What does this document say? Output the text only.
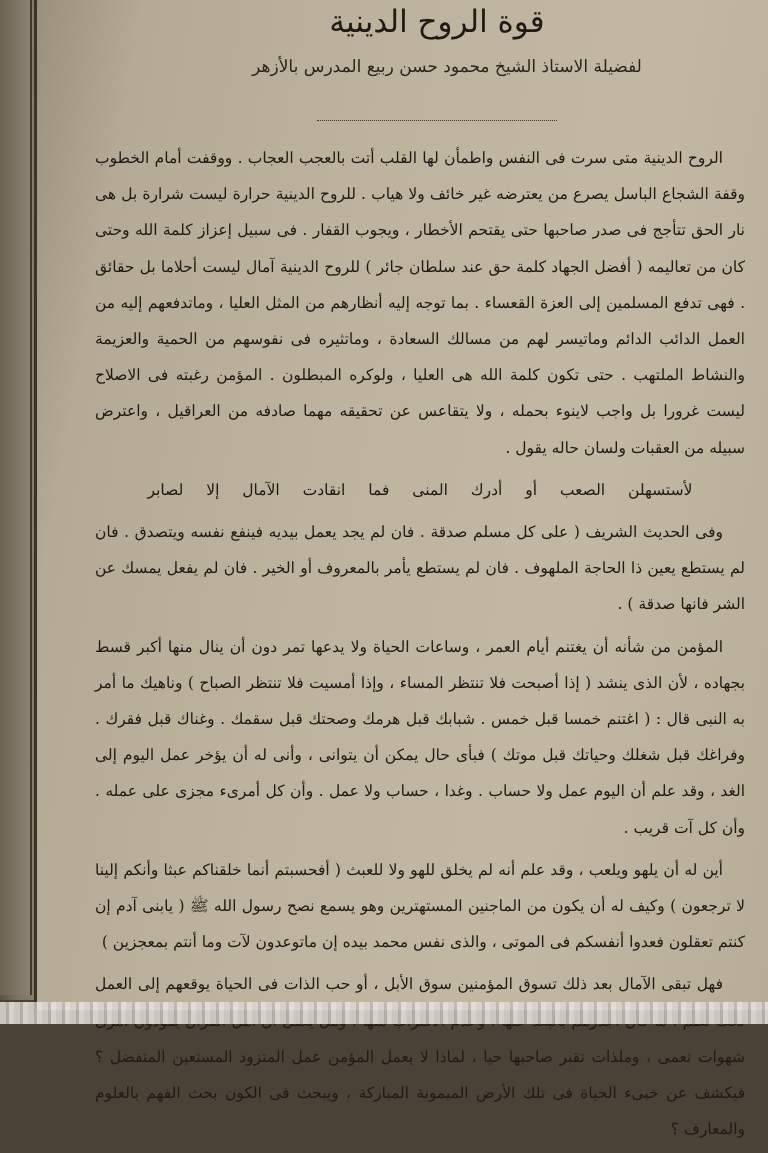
قوة الروح الدينية
لفضيلة الاستاذ الشيخ محمود حسن ربيع المدرس بالأزهر

الروح الدينية متى سرت فى النفس واطمأن لها القلب أتت بالعجب العجاب . ووقفت أمام الخطوب وقفة الشجاع الباسل يصرع من يعترضه غير خائف ولا هياب . للروح الدينية حرارة ليست شرارة بل هى نار الحق تتأجج فى صدر صاحبها حتى يقتحم الأخطار ، ويجوب القفار . فى سبيل إعزاز كلمة الله وحتى كان من تعاليمه ( أفضل الجهاد كلمة حق عند سلطان جائر ) للروح الدينية آمال ليست أحلاما بل حقائق . فهى تدفع المسلمين إلى العزة القعساء . بما توجه إليه أنظارهم من المثل العليا ، وماتدفعهم إليه من العمل الدائب الدائم وماتيسر لهم من مسالك السعادة ، وماتثيره فى نفوسهم من الحمية والعزيمة والنشاط الملتهب . حتى تكون كلمة الله هى العليا ، ولوكره المبطلون . المؤمن رغبته فى الاصلاح ليست غرورا بل واجب لاينوء بحمله ، ولا يتقاعس عن تحقيقه مهما صادفه من العراقيل ، واعترض سبيله من العقبات ولسان حاله يقول .

لأستسهلن الصعب أو أدرك المنى فما انقادت الآمال إلا لصابر

وفى الحديث الشريف ( على كل مسلم صدقة . فان لم يجد يعمل بيديه فينفع نفسه ويتصدق . فان لم يستطع يعين ذا الحاجة الملهوف . فان لم يستطع يأمر بالمعروف أو الخير . فان لم يفعل يمسك عن الشر فانها صدقة ) .

المؤمن من شأنه أن يغتنم أيام العمر ، وساعات الحياة ولا يدعها تمر دون أن ينال منها أكبر قسط بجهاده ، لأن الذى ينشد ( إذا أصبحت فلا تنتظر المساء ، وإذا أمسيت فلا تنتظر الصباح ) وناهيك ما أمر به النبى قال : ( اغتنم خمسا قبل خمس . شبابك قبل هرمك وصحتك قبل سقمك . وغناك قبل فقرك . وفراغك قبل شغلك وحياتك قبل موتك ) فبأى حال يمكن أن يتوانى ، وأنى له أن يؤخر عمل اليوم إلى الغد ، وقد علم أن اليوم عمل ولا حساب . وغدا ، حساب ولا عمل . وأن كل أمرىء مجزى على عمله . وأن كل آت قريب .

أين له أن يلهو ويلعب ، وقد علم أنه لم يخلق للهو ولا للعبث ( أفحسبتم أنما خلقناكم عبثا وأنكم إلينا لا ترجعون ) وكيف له أن يكون من الماجنين المستهترين وهو يسمع نصح رسول الله ﷺ ( يابنى آدم إن كنتم تعقلون فعدوا أنفسكم فى الموتى ، والذى نفس محمد بيده إن ماتوعدون لآت وما أنتم بمعجزين )

فهل تبقى الآمال بعد ذلك تسوق المؤمنين سوق الأبل ، أو حب الذات فى الحياة يوقعهم إلى العمل شهوات تعمى ، وملذات تقبر صاحبها حيا ، لماذا لا يعمل المؤمن عمل المتزود المستعين المتفضل ؟ فيكشف عن خبىء الحياة فى تلك الأرض الميمونة المباركة ، ويبحث فى الكون بحث الفهم بالعلوم والمعارف ؟
